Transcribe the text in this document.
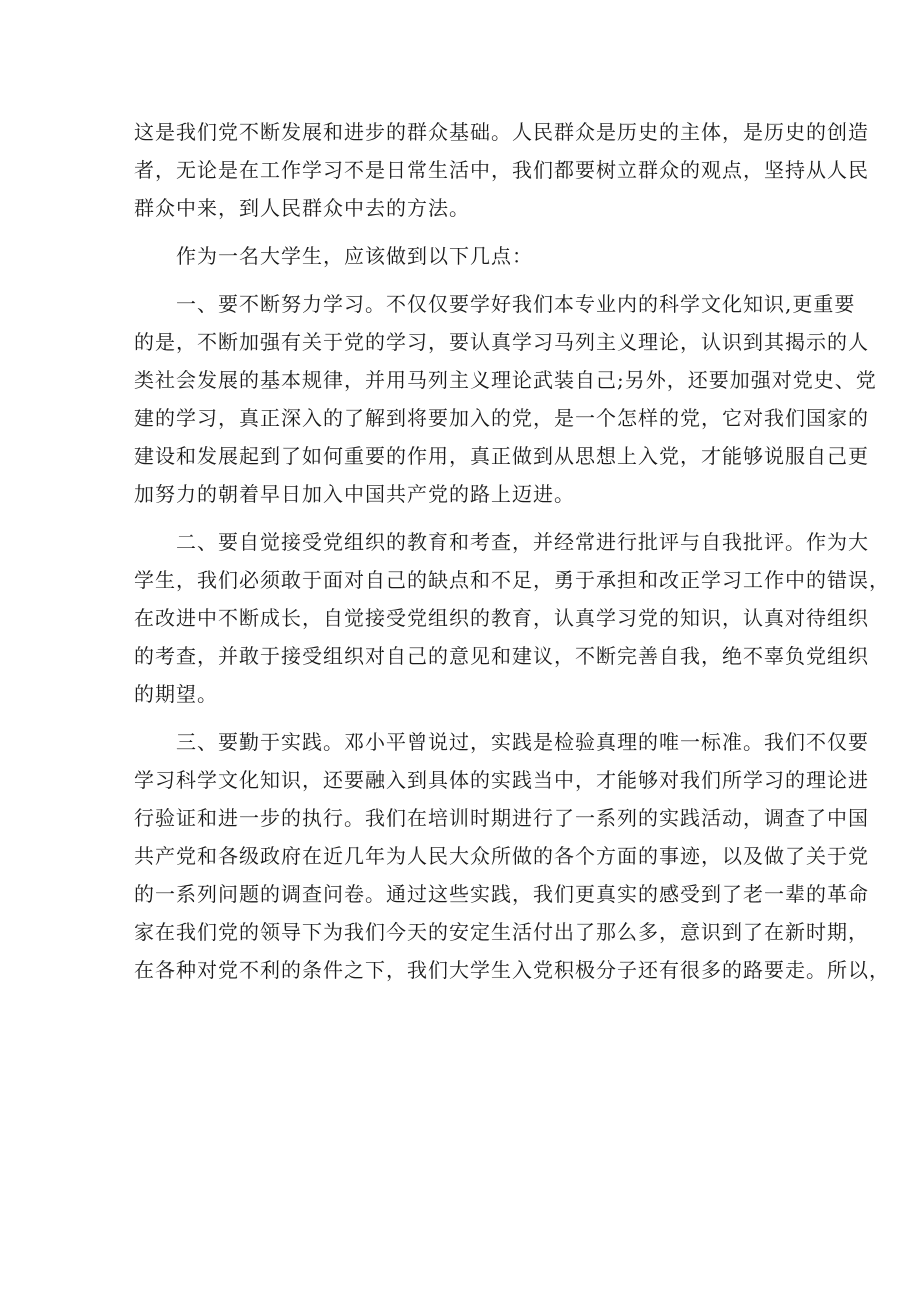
这是我们党不断发展和进步的群众基础。人民群众是历史的主体，是历史的创造
者，无论是在工作学习不是日常生活中，我们都要树立群众的观点，坚持从人民
群众中来，到人民群众中去的方法。
作为一名大学生，应该做到以下几点：
一、要不断努力学习。不仅仅要学好我们本专业内的科学文化知识,更重要
的是，不断加强有关于党的学习，要认真学习马列主义理论，认识到其揭示的人
类社会发展的基本规律，并用马列主义理论武装自己;另外，还要加强对党史、党
建的学习，真正深入的了解到将要加入的党，是一个怎样的党，它对我们国家的
建设和发展起到了如何重要的作用，真正做到从思想上入党，才能够说服自己更
加努力的朝着早日加入中国共产党的路上迈进。
二、要自觉接受党组织的教育和考查，并经常进行批评与自我批评。作为大
学生，我们必须敢于面对自己的缺点和不足，勇于承担和改正学习工作中的错误，
在改进中不断成长，自觉接受党组织的教育，认真学习党的知识，认真对待组织
的考查，并敢于接受组织对自己的意见和建议，不断完善自我，绝不辜负党组织
的期望。
三、要勤于实践。邓小平曾说过，实践是检验真理的唯一标准。我们不仅要
学习科学文化知识，还要融入到具体的实践当中，才能够对我们所学习的理论进
行验证和进一步的执行。我们在培训时期进行了一系列的实践活动，调查了中国
共产党和各级政府在近几年为人民大众所做的各个方面的事迹，以及做了关于党
的一系列问题的调查问卷。通过这些实践，我们更真实的感受到了老一辈的革命
家在我们党的领导下为我们今天的安定生活付出了那么多，意识到了在新时期，
在各种对党不利的条件之下，我们大学生入党积极分子还有很多的路要走。所以，
